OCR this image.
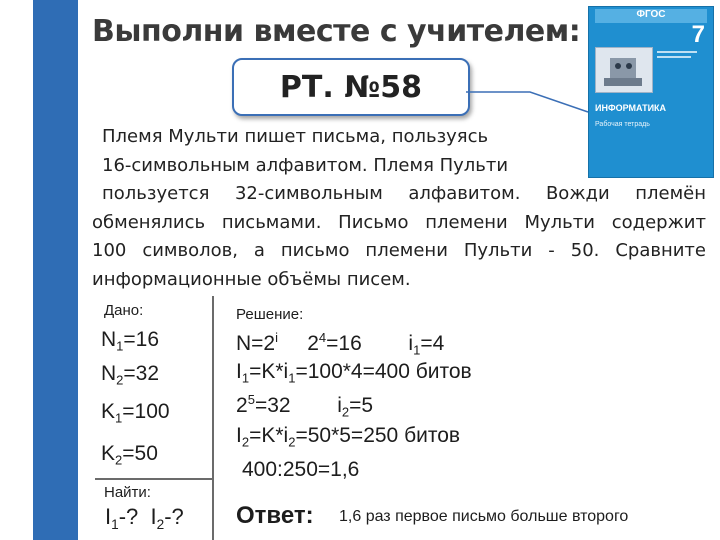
Выполни вместе с учителем:
РТ. №58
ФГОС
7
ИНФОРМАТИКА
Рабочая тетрадь
Племя Мульти пишет письма, пользуясь
16-символьным алфавитом. Племя Пульти
пользуется 32-символьным алфавитом. Вожди племён
обменялись письмами. Письмо племени Мульти содержит
100 символов, а письмо племени Пульти - 50. Сравните
информационные объёмы писем.
Дано:
$N_1=16$
$N_2=32$
$K_1=100$
$K_2=50$
Найти:
$I_1-$?  $I_2-$?
Решение:
$N=2^i$     $2^4=16$        $i_1=4$
$I_1=K*i_1=100*4=400$ битов
$2^5=32$        $i_2=5$
$I_2=K*i_2=50*5=250$ битов
400:250=1,6
Ответ: 1,6 раз первое письмо больше второго
